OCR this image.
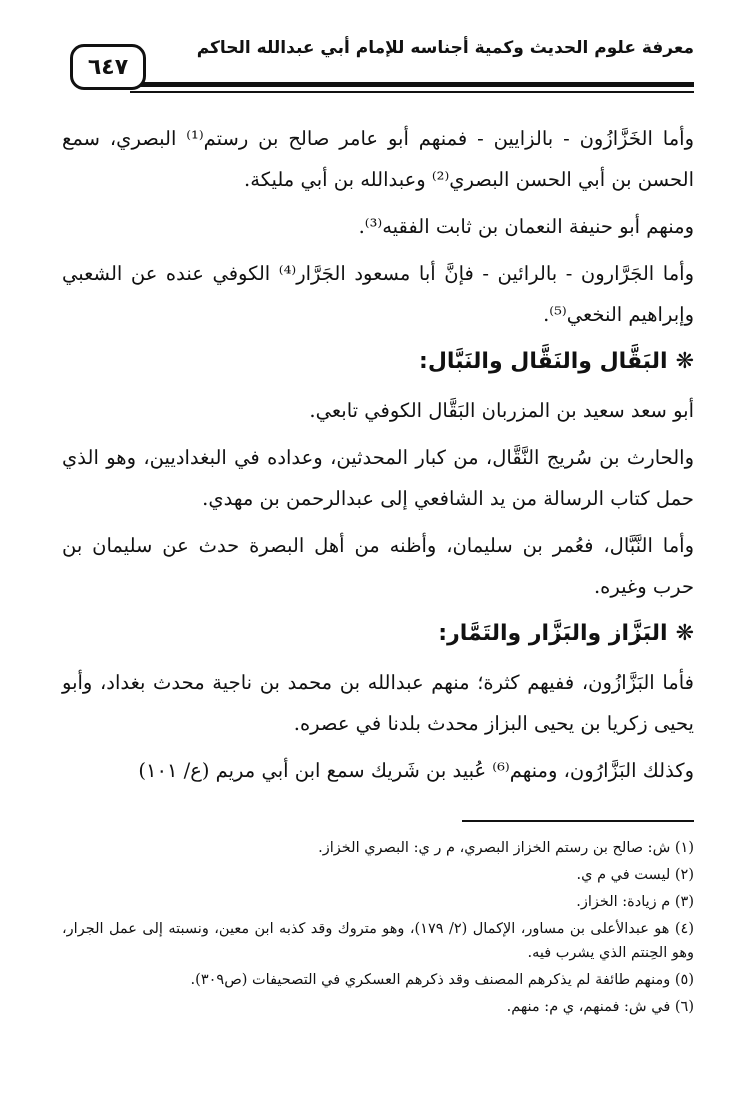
معرفة علوم الحديث وكمية أجناسه للإمام أبي عبدالله الحاكم
٦٤٧

وأما الخَزَّازُون - بالزايين - فمنهم أبو عامر صالح بن رستم⁽¹⁾ البصري، سمع الحسن بن أبي الحسن البصري⁽²⁾ وعبدالله بن أبي مليكة.

ومنهم أبو حنيفة النعمان بن ثابت الفقيه⁽³⁾.

وأما الجَرَّارون - بالرائين - فإنَّ أبا مسعود الجَرَّار⁽⁴⁾ الكوفي عنده عن الشعبي وإبراهيم النخعي⁽⁵⁾.

❋البَقَّال والنَقَّال والنَبَّال:

أبو سعد سعيد بن المزربان البَقَّال الكوفي تابعي.

والحارث بن سُريج النَّقَّال، من كبار المحدثين، وعداده في البغداديين، وهو الذي حمل كتاب الرسالة من يد الشافعي إلى عبدالرحمن بن مهدي.

وأما النَّبَّال، فعُمر بن سليمان، وأظنه من أهل البصرة حدث عن سليمان بن حرب وغيره.

❋البَزَّاز والبَزَّار والتَمَّار:

فأما البَزَّازُون، ففيهم كثرة؛ منهم عبدالله بن محمد بن ناجية محدث بغداد، وأبو يحيى زكريا بن يحيى البزاز محدث بلدنا في عصره.

وكذلك البَزَّارُون، ومنهم⁽⁶⁾ عُبيد بن شَريك سمع ابن أبي مريم (ع/ ١٠١)

(١) ش: صالح بن رستم الخزاز البصري، م ر ي: البصري الخزاز.

(٢) ليست في م ي.

(٣) م زيادة: الخزاز.

(٤) هو عبدالأعلى بن مساور، الإكمال (٢/ ١٧٩)، وهو متروك وقد كذبه ابن معين، ونسبته إلى عمل الجرار، وهو الحِنتم الذي يشرب فيه.

(٥) ومنهم طائفة لم يذكرهم المصنف وقد ذكرهم العسكري في التصحيفات (ص٣٠٩).

(٦) في ش: فمنهم، ي م: منهم.
